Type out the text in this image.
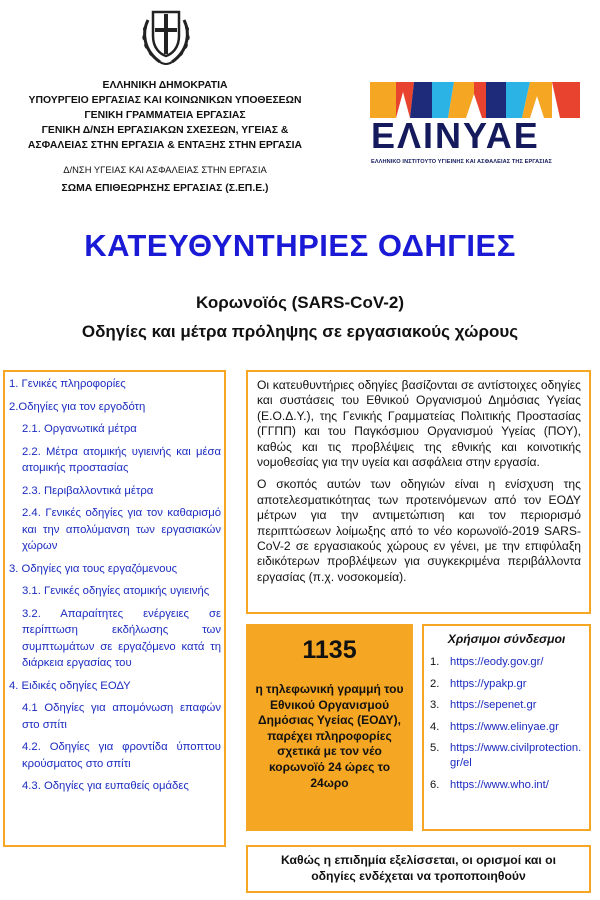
ΕΛΛΗΝΙΚΗ ΔΗΜΟΚΡΑΤΙΑ
ΥΠΟΥΡΓΕΙΟ ΕΡΓΑΣΙΑΣ ΚΑΙ ΚΟΙΝΩΝΙΚΩΝ ΥΠΟΘΕΣΕΩΝ
ΓΕΝΙΚΗ ΓΡΑΜΜΑΤΕΙΑ ΕΡΓΑΣΙΑΣ
ΓΕΝΙΚΗ Δ/ΝΣΗ ΕΡΓΑΣΙΑΚΩΝ ΣΧΕΣΕΩΝ, ΥΓΕΙΑΣ &
ΑΣΦΑΛΕΙΑΣ ΣΤΗΝ ΕΡΓΑΣΙΑ & ΕΝΤΑΞΗΣ ΣΤΗΝ ΕΡΓΑΣΙΑ
Δ/ΝΣΗ ΥΓΕΙΑΣ ΚΑΙ ΑΣΦΑΛΕΙΑΣ ΣΤΗΝ ΕΡΓΑΣΙΑ
ΣΩΜΑ ΕΠΙΘΕΩΡΗΣΗΣ ΕΡΓΑΣΙΑΣ (Σ.ΕΠ.Ε.)
ΕΛΙΝΥΑΕ
ΕΛΛΗΝΙΚΟ ΙΝΣΤΙΤΟΥΤΟ ΥΓΙΕΙΝΗΣ ΚΑΙ ΑΣΦΑΛΕΙΑΣ ΤΗΣ ΕΡΓΑΣΙΑΣ
ΚΑΤΕΥΘΥΝΤΗΡΙΕΣ ΟΔΗΓΙΕΣ
Κορωνοϊός (SARS-CoV-2)
Οδηγίες και μέτρα πρόληψης σε εργασιακούς χώρους
1. Γενικές πληροφορίες
2.Οδηγίες για τον εργοδότη
2.1. Οργανωτικά μέτρα
2.2. Μέτρα ατομικής υγιεινής και μέσα ατομικής προστασίας
2.3. Περιβαλλοντικά μέτρα
2.4. Γενικές οδηγίες για τον καθαρισμό και την απολύμανση των εργασιακών χώρων
3. Οδηγίες για τους εργαζόμενους
3.1. Γενικές οδηγίες ατομικής υγιεινής
3.2. Απαραίτητες ενέργειες σε περίπτωση εκδήλωσης των συμπτωμάτων σε εργαζόμενο κατά τη διάρκεια εργασίας του
4. Ειδικές οδηγίες ΕΟΔΥ
4.1 Οδηγίες για απομόνωση επαφών στο σπίτι
4.2. Οδηγίες για φροντίδα ύποπτου κρούσματος στο σπίτι
4.3. Οδηγίες για ευπαθείς ομάδες

Οι κατευθυντήριες οδηγίες βασίζονται σε αντίστοιχες οδηγίες και συστάσεις του Εθνικού Οργανισμού Δημόσιας Υγείας (Ε.Ο.Δ.Υ.), της Γενικής Γραμματείας Πολιτικής Προστασίας (ΓΓΠΠ) και του Παγκόσμιου Οργανισμού Υγείας (ΠΟΥ), καθώς και τις προβλέψεις της εθνικής και κοινοτικής νομοθεσίας για την υγεία και ασφάλεια στην εργασία.

Ο σκοπός αυτών των οδηγιών είναι η ενίσχυση της αποτελεσματικότητας των προτεινόμενων από τον ΕΟΔΥ μέτρων για την αντιμετώπιση και τον περιορισμό περιπτώσεων λοίμωξης από το νέο κορωνοϊό-2019 SARS-CoV-2 σε εργασιακούς χώρους εν γένει, με την επιφύλαξη ειδικότερων προβλέψεων για συγκεκριμένα περιβάλλοντα εργασίας (π.χ. νοσοκομεία).

1135
η τηλεφωνική γραμμή του Εθνικού Οργανισμού Δημόσιας Υγείας (ΕΟΔΥ), παρέχει πληροφορίες σχετικά με τον νέο κορωνοϊό 24 ώρες το 24ωρο
Χρήσιμοι σύνδεσμοι
1. https://eody.gov.gr/
2. https://ypakp.gr
3. https://sepenet.gr
4. https://www.elinyae.gr
5. https://www.civilprotection.gr/el
6. https://www.who.int/
Καθώς η επιδημία εξελίσσεται, οι ορισμοί και οι οδηγίες ενδέχεται να τροποποιηθούν
